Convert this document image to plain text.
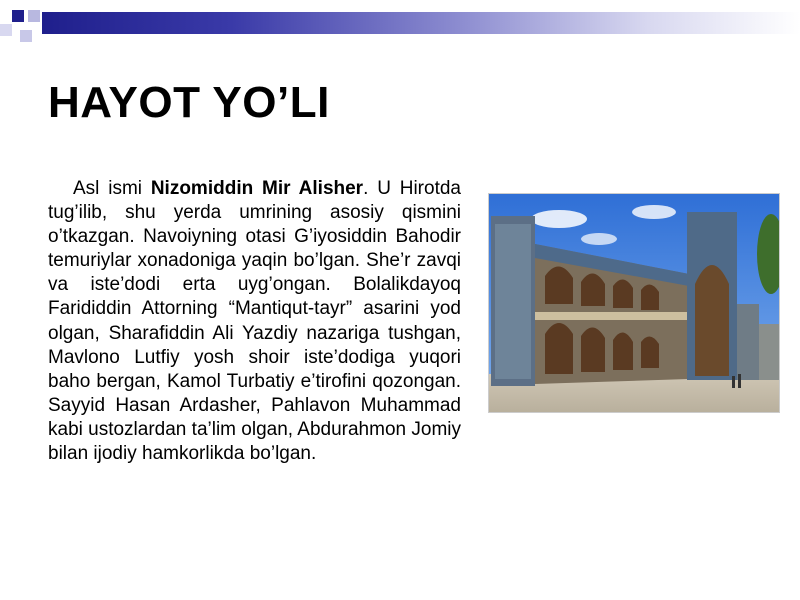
HAYOT YO’LI

Asl ismi Nizomiddin Mir Alisher. U Hirotda tug’ilib, shu yerda umrining asosiy qismini o’tkazgan. Navoiyning otasi G’iyosiddin Bahodir temuriylar xonadoniga yaqin bo’lgan. She’r zavqi va iste’dodi erta uyg’ongan. Bolalikdayoq Farididdin Attorning “Mantiqut-tayr” asarini yod olgan, Sharafiddin Ali Yazdiy nazariga tushgan, Mavlono Lutfiy yosh shoir iste’dodiga yuqori baho bergan, Kamol Turbatiy e’tirofini qozongan. Sayyid Hasan Ardasher, Pahlavon Muhammad kabi ustozlardan ta’lim olgan, Abdurahmon Jomiy bilan ijodiy hamkorlikda bo’lgan.
